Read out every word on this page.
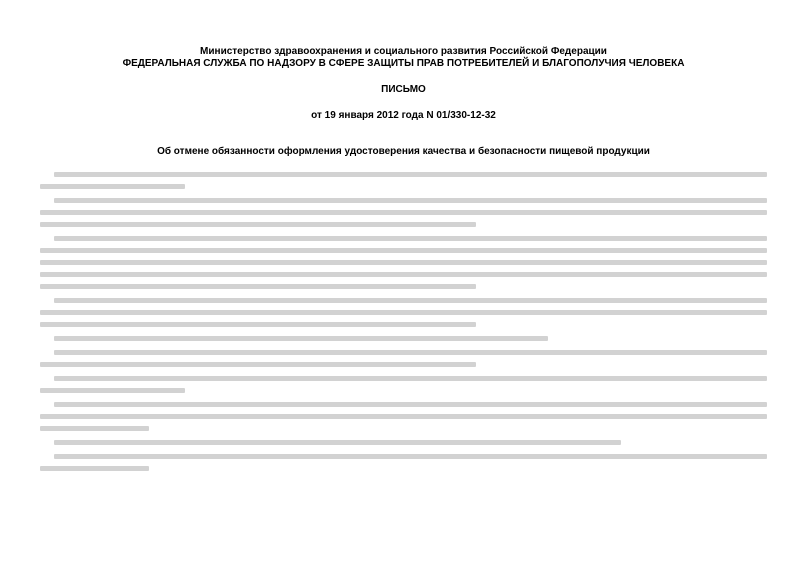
Министерство здравоохранения и социального развития Российской Федерации
ФЕДЕРАЛЬНАЯ СЛУЖБА ПО НАДЗОРУ В СФЕРЕ ЗАЩИТЫ ПРАВ ПОТРЕБИТЕЛЕЙ И БЛАГОПОЛУЧИЯ ЧЕЛОВЕКА
ПИСЬМО
от 19 января 2012 года N 01/330-12-32
Об отмене обязанности оформления удостоверения качества и безопасности пищевой продукции
